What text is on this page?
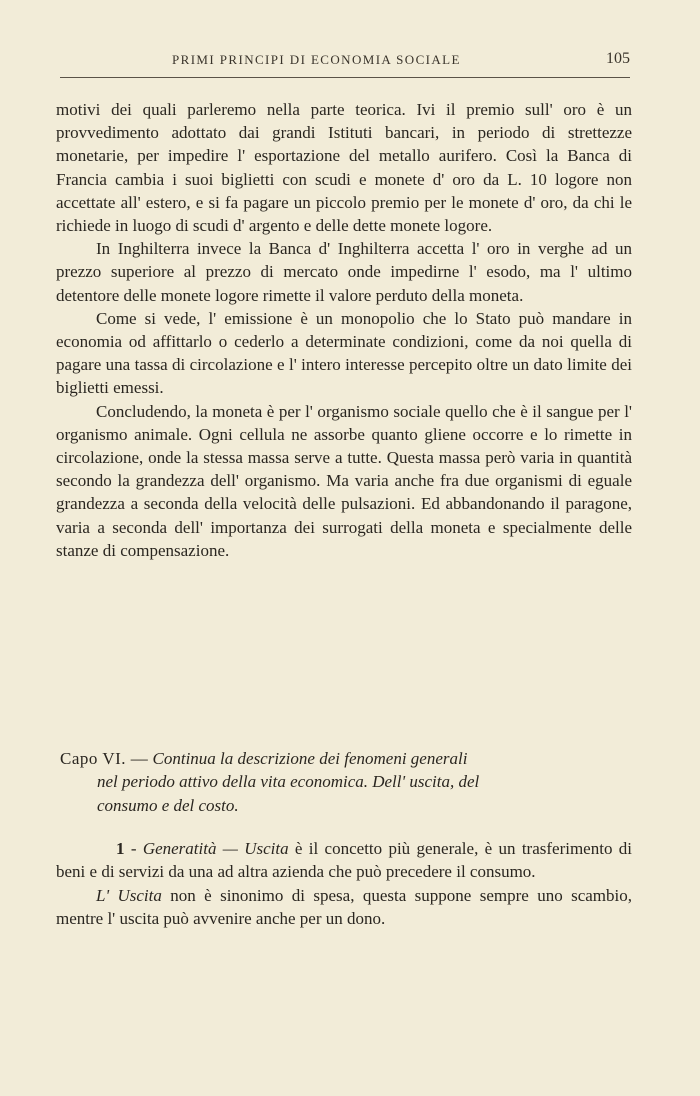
PRIMI PRINCIPI DI ECONOMIA SOCIALE	105

motivi dei quali parleremo nella parte teorica. Ivi il premio sull' oro è un provvedimento adottato dai grandi Istituti bancari, in periodo di strettezze monetarie, per impedire l' esportazione del metallo aurifero. Così la Banca di Francia cambia i suoi biglietti con scudi e monete d' oro da L. 10 logore non accettate all' estero, e si fa pagare un piccolo premio per le monete d' oro, da chi le richiede in luogo di scudi d' argento e delle dette monete logore.

In Inghilterra invece la Banca d' Inghilterra accetta l' oro in verghe ad un prezzo superiore al prezzo di mercato onde impedirne l' esodo, ma l' ultimo detentore delle monete logore rimette il valore perduto della moneta.

Come si vede, l' emissione è un monopolio che lo Stato può mandare in economia od affittarlo o cederlo a determinate condizioni, come da noi quella di pagare una tassa di circolazione e l' intero interesse percepito oltre un dato limite dei biglietti emessi.

Concludendo, la moneta è per l' organismo sociale quello che è il sangue per l' organismo animale. Ogni cellula ne assorbe quanto gliene occorre e lo rimette in circolazione, onde la stessa massa serve a tutte. Questa massa però varia in quantità secondo la grandezza dell' organismo. Ma varia anche fra due organismi di eguale grandezza a seconda della velocità delle pulsazioni. Ed abbandonando il paragone, varia a seconda dell' importanza dei surrogati della moneta e specialmente delle stanze di compensazione.

Capo VI. — Continua la descrizione dei fenomeni generali
nel periodo attivo della vita economica. Dell' uscita, del
consumo e del costo.

1 - Generatità — Uscita è il concetto più generale, è un trasferimento di beni e di servizi da una ad altra azienda che può precedere il consumo.

L' Uscita non è sinonimo di spesa, questa suppone sempre uno scambio, mentre l' uscita può avvenire anche per un dono.
